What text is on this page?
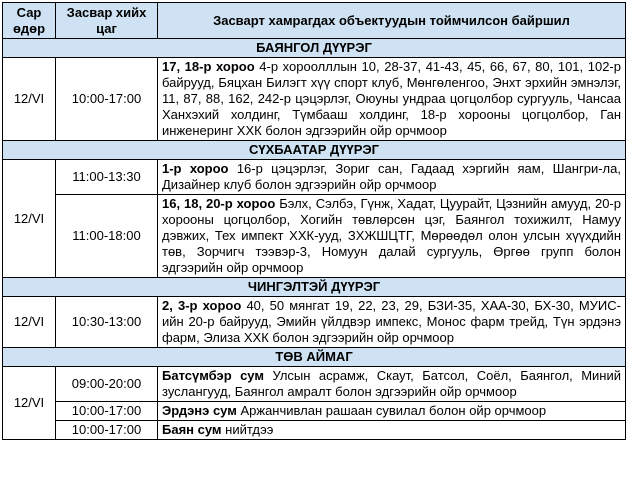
Сар өдөр	Засвар хийх цаг	Засварт хамрагдах объектуудын тоймчилсон байршил
БАЯНГОЛ ДҮҮРЭГ		
12/VI	10:00-17:00	17, 18-р хороо 4-р хороолллын 10, 28-37, 41-43, 45, 66, 67, 80, 101, 102-р байрууд, Бяцхан Билэгт хүү спорт клуб, Мөнгөленгоо, Энхт эрхийн эмнэлэг, 11, 87, 88, 162, 242-р цэцэрлэг, Оюуны ундраа цогцолбор сургууль, Чансаа Ханхэхий холдинг, Түмбааш холдинг, 18-р хорооны цогцолбор, Ган инженеринг ХХК болон эдгээрийн ойр орчмоор
СҮХБААТАР ДҮҮРЭГ		
12/VI	11:00-13:30	1-р хороо 16-р цэцэрлэг, Зориг сан, Гадаад хэргийн яам, Шангри-ла, Дизайнер клуб болон эдгээрийн ойр орчмоор
	11:00-18:00	16, 18, 20-р хороо Бэлх, Сэлбэ, Гүнж, Хадат, Цуурайт, Цэзнийн амууд, 20-р хорооны цогцолбор, Хогийн төвлөрсөн цэг, Баянгол тохижилт, Намуу дэвжих, Тех импект ХХК-ууд, ЗХЖШЦТГ, Мөрөөдөл олон улсын хүүхдийн төв, Зорчигч тээвэр-3, Номуун далай сургууль, Өргөө групп болон эдгээрийн ойр орчмоор
ЧИНГЭЛТЭЙ ДҮҮРЭГ		
12/VI	10:30-13:00	2, 3-р хороо 40, 50 мянгат 19, 22, 23, 29, БЗИ-35, ХАА-30, БХ-30, МУИС-ийн 20-р байрууд, Эмийн үйлдвэр импекс, Монос фарм трейд, Түн эрдэнэ фарм, Элиза ХХК болон эдгээрийн ойр орчмоор
ТӨВ АЙМАГ		
12/VI	09:00-20:00	Батсүмбэр сум Улсын асрамж, Скаут, Батсол, Соёл, Баянгол, Миний зуслангууд, Баянгол амралт болон эдгээрийн ойр орчмоор
	10:00-17:00	Эрдэнэ сум Аржанчивлан рашаан сувилал болон ойр орчмоор
	10:00-17:00	Баян сум нийтдээ
